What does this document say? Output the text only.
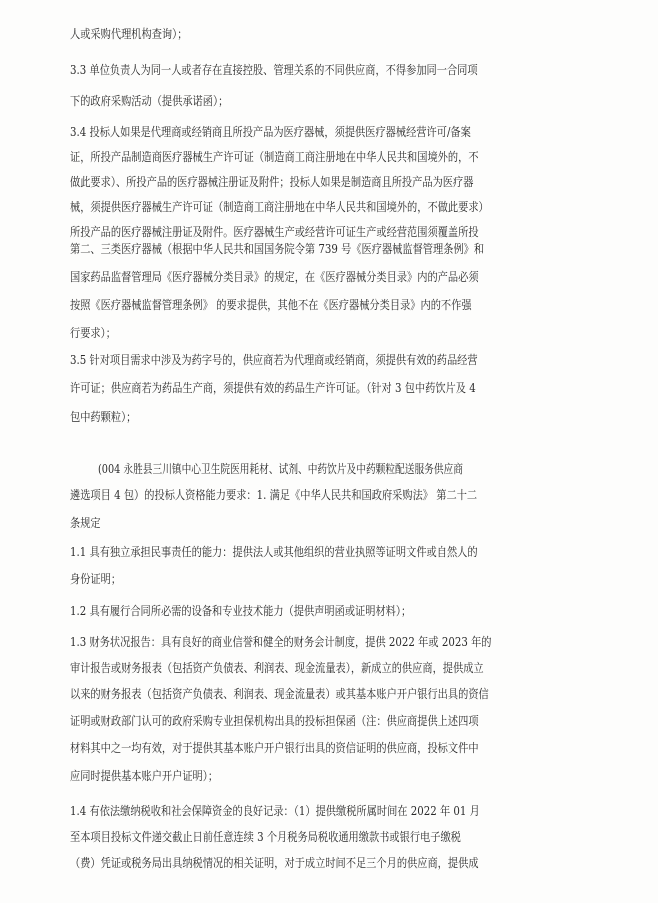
人或采购代理机构查询）；
3.3 单位负责人为同一人或者存在直接控股、管理关系的不同供应商，不得参加同一合同项
下的政府采购活动（提供承诺函）；
3.4 投标人如果是代理商或经销商且所投产品为医疗器械，须提供医疗器械经营许可/备案
证，所投产品制造商医疗器械生产许可证（制造商工商注册地在中华人民共和国境外的，不
做此要求）、所投产品的医疗器械注册证及附件；投标人如果是制造商且所投产品为医疗器
械，须提供医疗器械生产许可证（制造商工商注册地在中华人民共和国境外的，不做此要求）
所投产品的医疗器械注册证及附件。医疗器械生产或经营许可证生产或经营范围须覆盖所投
第二、三类医疗器械（根据中华人民共和国国务院令第 739 号《医疗器械监督管理条例》和
国家药品监督管理局《医疗器械分类目录》的规定，在《医疗器械分类目录》内的产品必须
按照《医疗器械监督管理条例》 的要求提供，其他不在《医疗器械分类目录》内的不作强
行要求）；
3.5 针对项目需求中涉及为药字号的，供应商若为代理商或经销商，须提供有效的药品经营
许可证；供应商若为药品生产商，须提供有效的药品生产许可证。（针对 3 包中药饮片及 4
包中药颗粒）；
(004 永胜县三川镇中心卫生院医用耗材、试剂、中药饮片及中药颗粒配送服务供应商
遴选项目 4 包）的投标人资格能力要求：1. 满足《中华人民共和国政府采购法》 第二十二
条规定
1.1 具有独立承担民事责任的能力：提供法人或其他组织的营业执照等证明文件或自然人的
身份证明；
1.2 具有履行合同所必需的设备和专业技术能力（提供声明函或证明材料）；
1.3 财务状况报告：具有良好的商业信誉和健全的财务会计制度，提供 2022 年或 2023 年的
审计报告或财务报表（包括资产负债表、利润表、现金流量表），新成立的供应商，提供成立
以来的财务报表（包括资产负债表、利润表、现金流量表）或其基本账户开户银行出具的资信
证明或财政部门认可的政府采购专业担保机构出具的投标担保函（注：供应商提供上述四项
材料其中之一均有效，对于提供其基本账户开户银行出具的资信证明的供应商，投标文件中
应同时提供基本账户开户证明）；
1.4 有依法缴纳税收和社会保障资金的良好记录：（1）提供缴税所属时间在 2022 年 01 月
至本项目投标文件递交截止日前任意连续 3 个月税务局税收通用缴款书或银行电子缴税
（费）凭证或税务局出具纳税情况的相关证明，对于成立时间不足三个月的供应商，提供成
